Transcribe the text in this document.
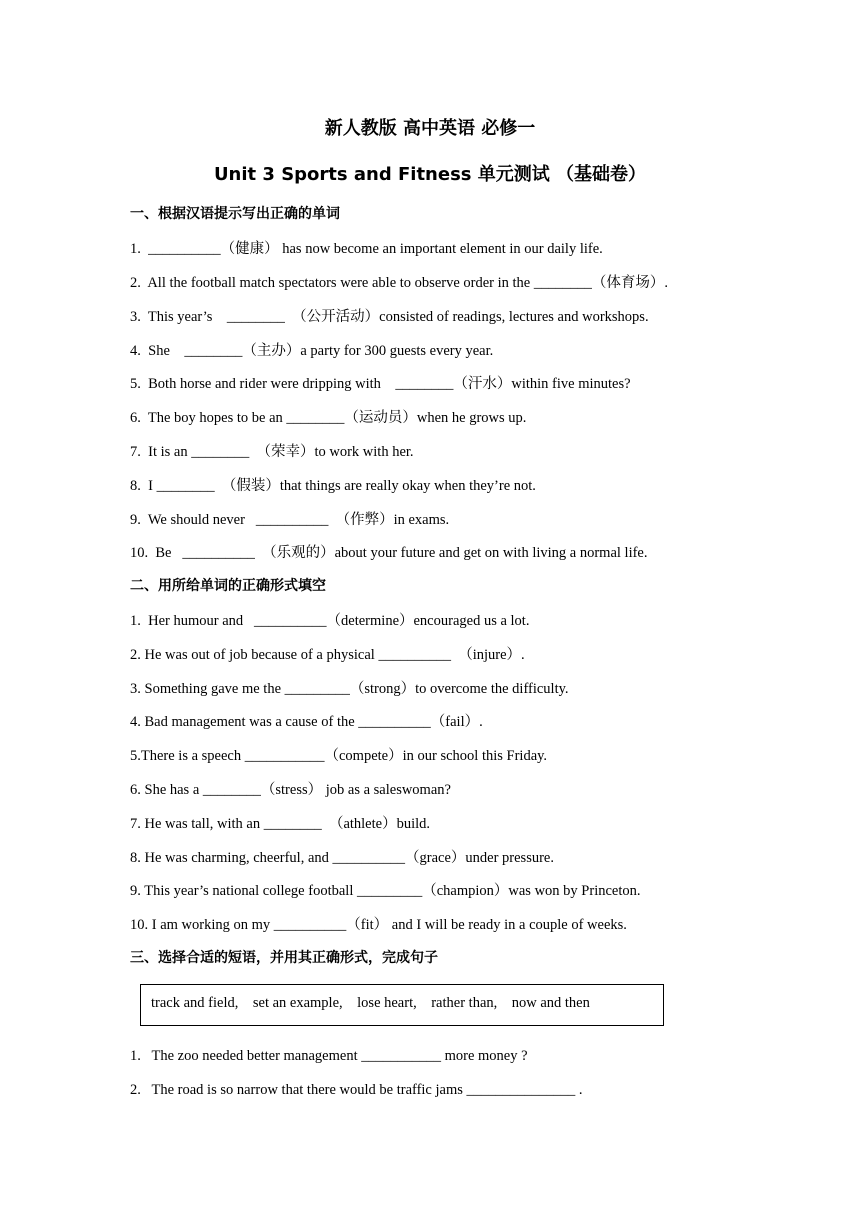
新人教版 高中英语 必修一
Unit 3 Sports and Fitness 单元测试 （基础卷）
一、根据汉语提示写出正确的单词
1.  __________（健康） has now become an important element in our daily life.
2.  All the football match spectators were able to observe order in the ________（体育场）.
3.  This year’s    ________  （公开活动）consisted of readings, lectures and workshops.
4.  She    ________（主办）a party for 300 guests every year.
5.  Both horse and rider were dripping with    ________（汗水）within five minutes?
6.  The boy hopes to be an ________（运动员）when he grows up.
7.  It is an ________  （荣幸）to work with her.
8.  I ________  （假装）that things are really okay when they’re not.
9.  We should never   __________  （作弊）in exams.
10.  Be   __________  （乐观的）about your future and get on with living a normal life.
二、用所给单词的正确形式填空
1.  Her humour and   __________（determine）encouraged us a lot.
2. He was out of job because of a physical __________  （injure）.
3. Something gave me the _________（strong）to overcome the difficulty.
4. Bad management was a cause of the __________（fail）.
5.There is a speech ___________（compete）in our school this Friday.
6. She has a ________（stress） job as a saleswoman?
7. He was tall, with an ________  （athlete）build.
8. He was charming, cheerful, and __________（grace）under pressure.
9. This year’s national college football _________（champion）was won by Princeton.
10. I am working on my __________（fit） and I will be ready in a couple of weeks.
三、选择合适的短语，并用其正确形式，完成句子
track and field,    set an example,    lose heart,    rather than,    now and then
1.   The zoo needed better management ___________ more money ?
2.   The road is so narrow that there would be traffic jams _______________ .
